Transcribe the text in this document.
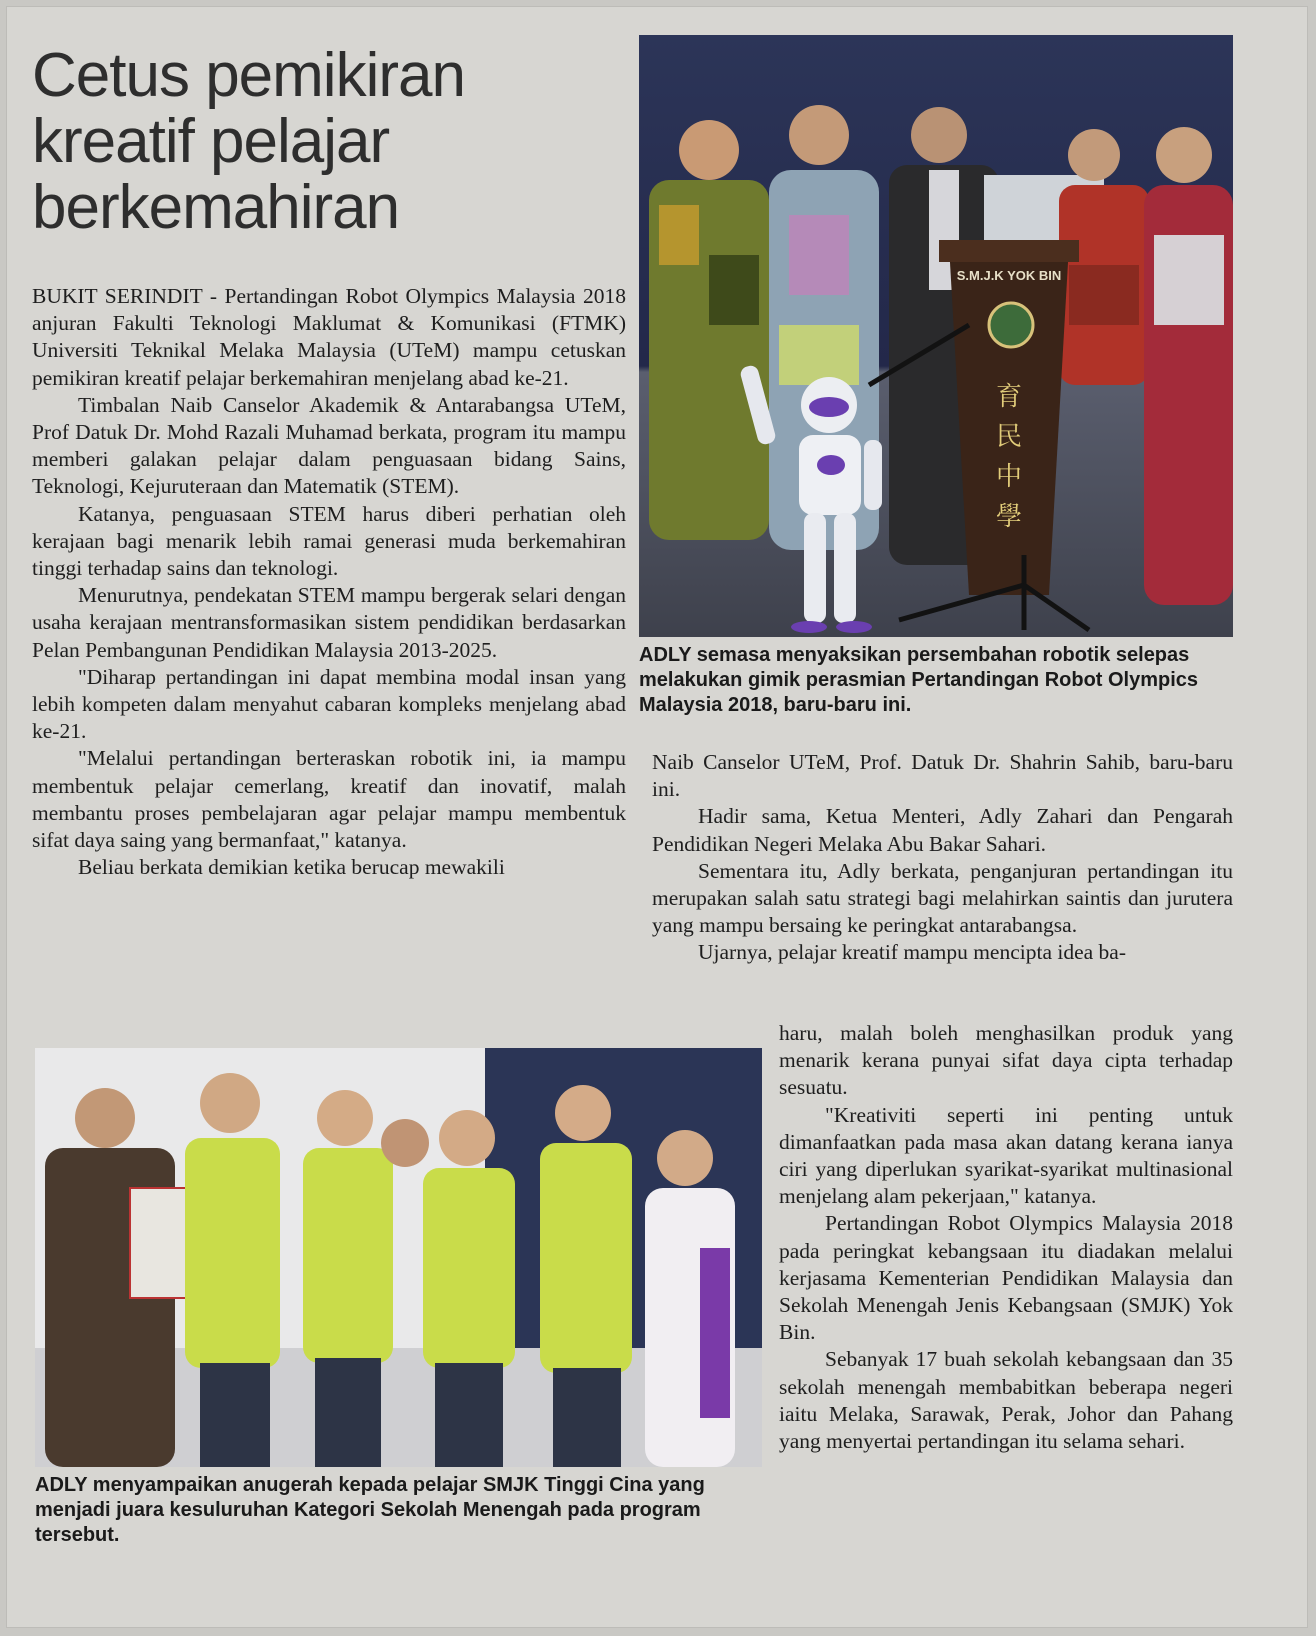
Cetus pemikiran
kreatif pelajar
berkemahiran

BUKIT SERINDIT - Pertandingan Robot Olympics Malaysia 2018 anjuran Fakulti Teknologi Maklumat & Komunikasi (FTMK) Universiti Teknikal Melaka Malaysia (UTeM) mampu cetuskan pemikiran kreatif pelajar berkemahiran menjelang abad ke-21.

Timbalan Naib Canselor Akademik & Antarabangsa UTeM, Prof Datuk Dr. Mohd Razali Muhamad berkata, program itu mampu memberi galakan pelajar dalam penguasaan bidang Sains, Teknologi, Kejuruteraan dan Matematik (STEM).

Katanya, penguasaan STEM harus diberi perhatian oleh kerajaan bagi menarik lebih ramai generasi muda berkemahiran tinggi terhadap sains dan teknologi.

Menurutnya, pendekatan STEM mampu bergerak selari dengan usaha kerajaan mentransformasikan sistem pendidikan berdasarkan Pelan Pembangunan Pendidikan Malaysia 2013-2025.

"Diharap pertandingan ini dapat membina modal insan yang lebih kompeten dalam menyahut cabaran kompleks menjelang abad ke-21.

"Melalui pertandingan berteraskan robotik ini, ia mampu membentuk pelajar cemerlang, kreatif dan inovatif, malah membantu proses pembelajaran agar pelajar mampu membentuk sifat daya saing yang bermanfaat," katanya.

Beliau berkata demikian ketika berucap mewakili

S.M.J.K YOK BIN
育
民
中
學
ADLY semasa menyaksikan persembahan robotik selepas melakukan gimik perasmian Pertandingan Robot Olympics Malaysia 2018, baru-baru ini.

Naib Canselor UTeM, Prof. Datuk Dr. Shahrin Sahib, baru-baru ini.

Hadir sama, Ketua Menteri, Adly Zahari dan Pengarah Pendidikan Negeri Melaka Abu Bakar Sahari.

Sementara itu, Adly berkata, penganjuran pertandingan itu merupakan salah satu strategi bagi melahirkan saintis dan jurutera yang mampu bersaing ke peringkat antarabangsa.

Ujarnya, pelajar kreatif mampu mencipta idea ba-

haru, malah boleh menghasilkan produk yang menarik kerana punyai sifat daya cipta terhadap sesuatu.

"Kreativiti seperti ini penting untuk dimanfaatkan pada masa akan datang kerana ianya ciri yang diperlukan syarikat-syarikat multinasional menjelang alam pekerjaan," katanya.

Pertandingan Robot Olympics Malaysia 2018 pada peringkat kebangsaan itu diadakan melalui kerjasama Kementerian Pendidikan Malaysia dan Sekolah Menengah Jenis Kebangsaan (SMJK) Yok Bin.

Sebanyak 17 buah sekolah kebangsaan dan 35 sekolah menengah membabitkan beberapa negeri iaitu Melaka, Sarawak, Perak, Johor dan Pahang yang menyertai pertandingan itu selama sehari.

ADLY menyampaikan anugerah kepada pelajar SMJK Tinggi Cina yang menjadi juara kesuluruhan Kategori Sekolah Menengah pada program tersebut.
